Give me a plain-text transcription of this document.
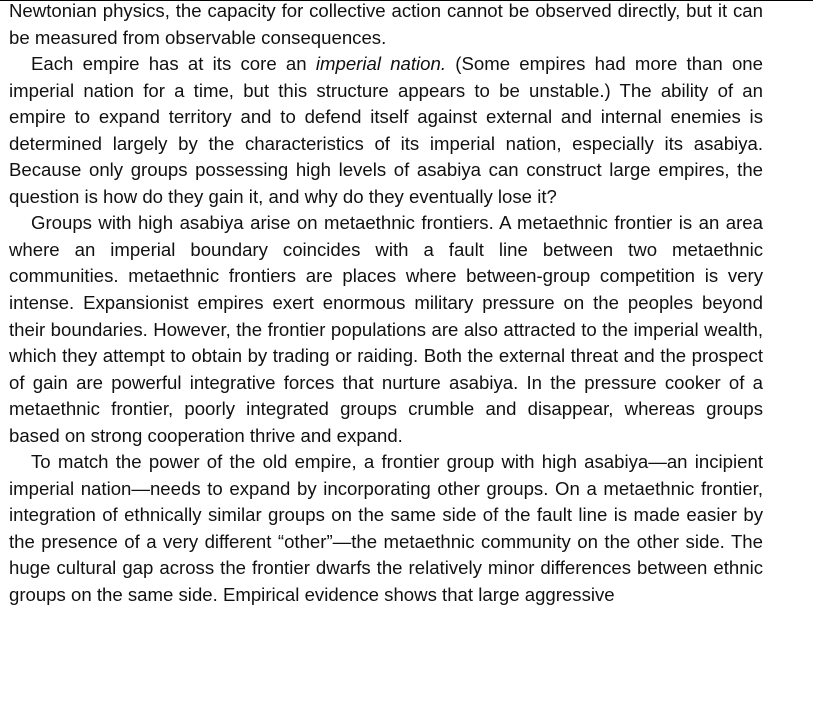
Newtonian physics, the capacity for collective action cannot be observed directly, but it can be measured from observable consequences.

Each empire has at its core an imperial nation. (Some empires had more than one imperial nation for a time, but this structure appears to be unstable.) The ability of an empire to expand territory and to defend itself against external and internal enemies is determined largely by the characteristics of its imperial nation, especially its asabiya. Because only groups possessing high levels of asabiya can construct large empires, the question is how do they gain it, and why do they eventually lose it?

Groups with high asabiya arise on metaethnic frontiers. A metaethnic frontier is an area where an imperial boundary coincides with a fault line between two metaethnic communities. metaethnic frontiers are places where between-group competition is very intense. Expansionist empires exert enormous military pressure on the peoples beyond their boundaries. However, the frontier populations are also attracted to the imperial wealth, which they attempt to obtain by trading or raiding. Both the external threat and the prospect of gain are powerful integrative forces that nurture asabiya. In the pressure cooker of a metaethnic frontier, poorly integrated groups crumble and disappear, whereas groups based on strong cooperation thrive and expand.

To match the power of the old empire, a frontier group with high asabiya—an incipient imperial nation—needs to expand by incorporating other groups. On a metaethnic frontier, integration of ethnically similar groups on the same side of the fault line is made easier by the presence of a very different “other”—the metaethnic community on the other side. The huge cultural gap across the frontier dwarfs the relatively minor differences between ethnic groups on the same side. Empirical evidence shows that large aggressive
